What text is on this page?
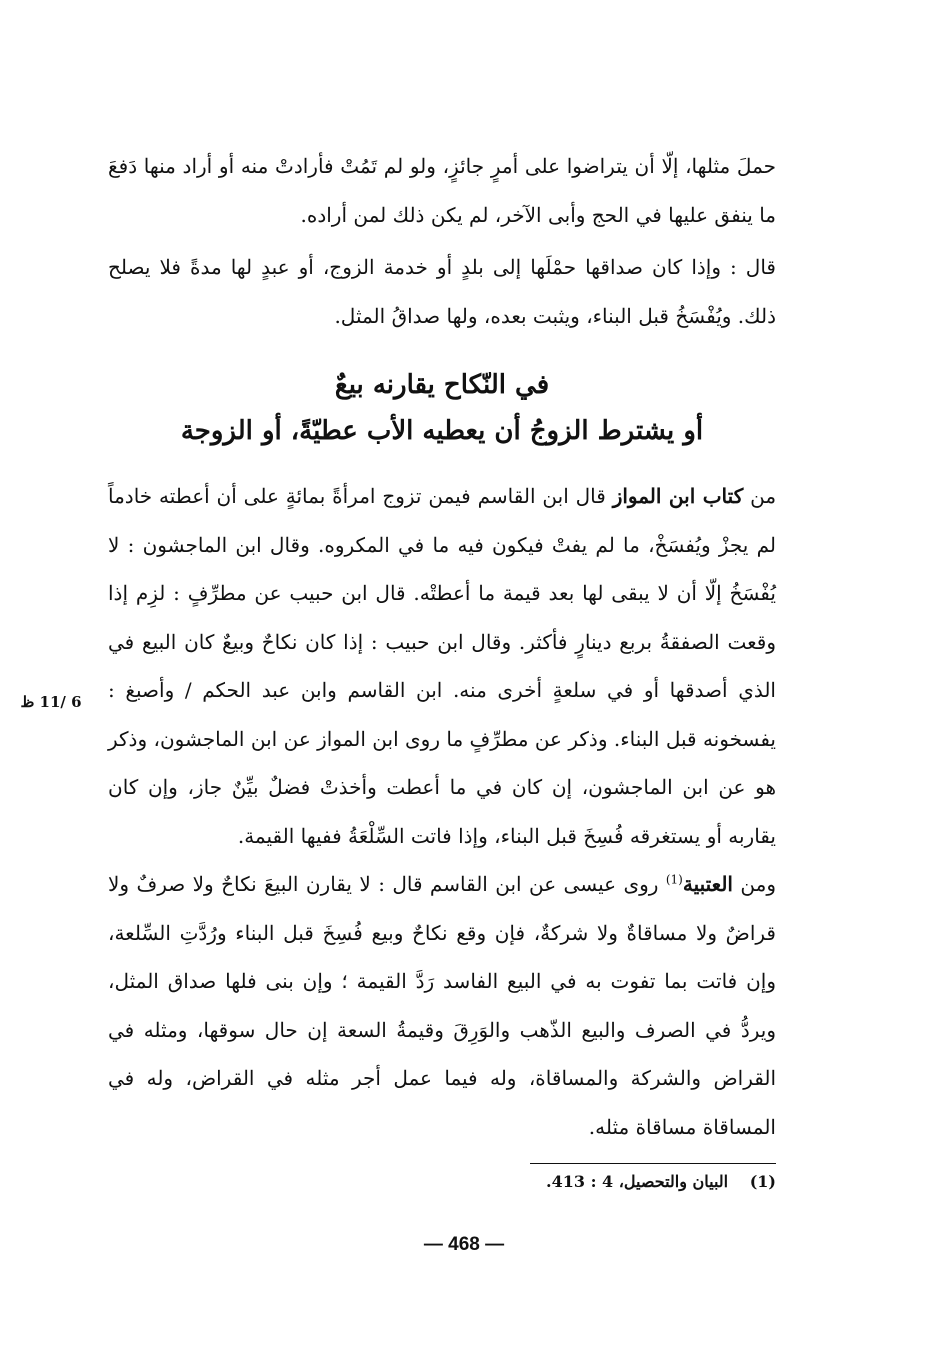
حملَ مثلها، إلّا أن يتراضوا على أمرٍ جائزٍ، ولو لم تَمُتْ فأرادتْ منه أو أراد منها دَفعَ ما ينفق عليها في الحج وأبى الآخر، لم يكن ذلك لمن أراده.
قال : وإذا كان صداقها حمْلَها إلى بلدٍ أو خدمة الزوج، أو عبدٍ لها مدةً فلا يصلح ذلك. ويُفْسَخُ قبل البناء، ويثبت بعده، ولها صداقُ المثل.
في النّكاح يقارنه بيعٌ
أو يشترط الزوجُ أن يعطيه الأب عطيّةً، أو الزوجة
من كتاب ابن المواز قال ابن القاسم فيمن تزوج امرأةً بمائةٍ على أن أعطته خادماً لم يجزْ ويُفسَخْ، ما لم يفتْ فيكون فيه ما في المكروه. وقال ابن الماجشون : لا يُفْسَخُ إلّا أن لا يبقى لها بعد قيمة ما أعطتْه. قال ابن حبيب عن مطرِّفٍ : لزِم إذا وقعت الصفقةُ بربع دينارٍ فأكثر. وقال ابن حبيب : إذا كان نكاحٌ وبيعٌ كان البيع في الذي أصدقها أو في سلعةٍ أخرى منه. ابن القاسم وابن عبد الحكم / وأصبغ : يفسخونه قبل البناء. وذكر عن مطرِّفٍ ما روى ابن المواز عن ابن الماجشون، وذكر هو عن ابن الماجشون، إن كان في ما أعطت وأخذتْ فضلٌ بيِّنٌ جاز، وإن كان يقاربه أو يستغرقه فُسِخَ قبل البناء، وإذا فاتت السِّلْعَةُ ففيها القيمة.
6 /11 ظ
ومن العتبية$^{(1)}$ روى عيسى عن ابن القاسم قال : لا يقارن البيعَ نكاحٌ ولا صرفٌ ولا قراضٌ ولا مساقاةٌ ولا شركةٌ، فإن وقع نكاحٌ وبيع فُسِخَ قبل البناء ورُدَّتِ السِّلعة، وإن فاتت بما تفوت به في البيع الفاسد رَدَّ القيمة ؛ وإن بنى فلها صداق المثل، ويردُّ في الصرف والبيع الذّهب والوَرِقَ وقيمةُ السعة إن حال سوقها، ومثله في القراض والشركة والمساقاة، وله فيما عمل أجر مثله في القراض، وله في المساقاة مساقاة مثله.
(1) البيان والتحصيل، 4 : 413.
— 468 —
